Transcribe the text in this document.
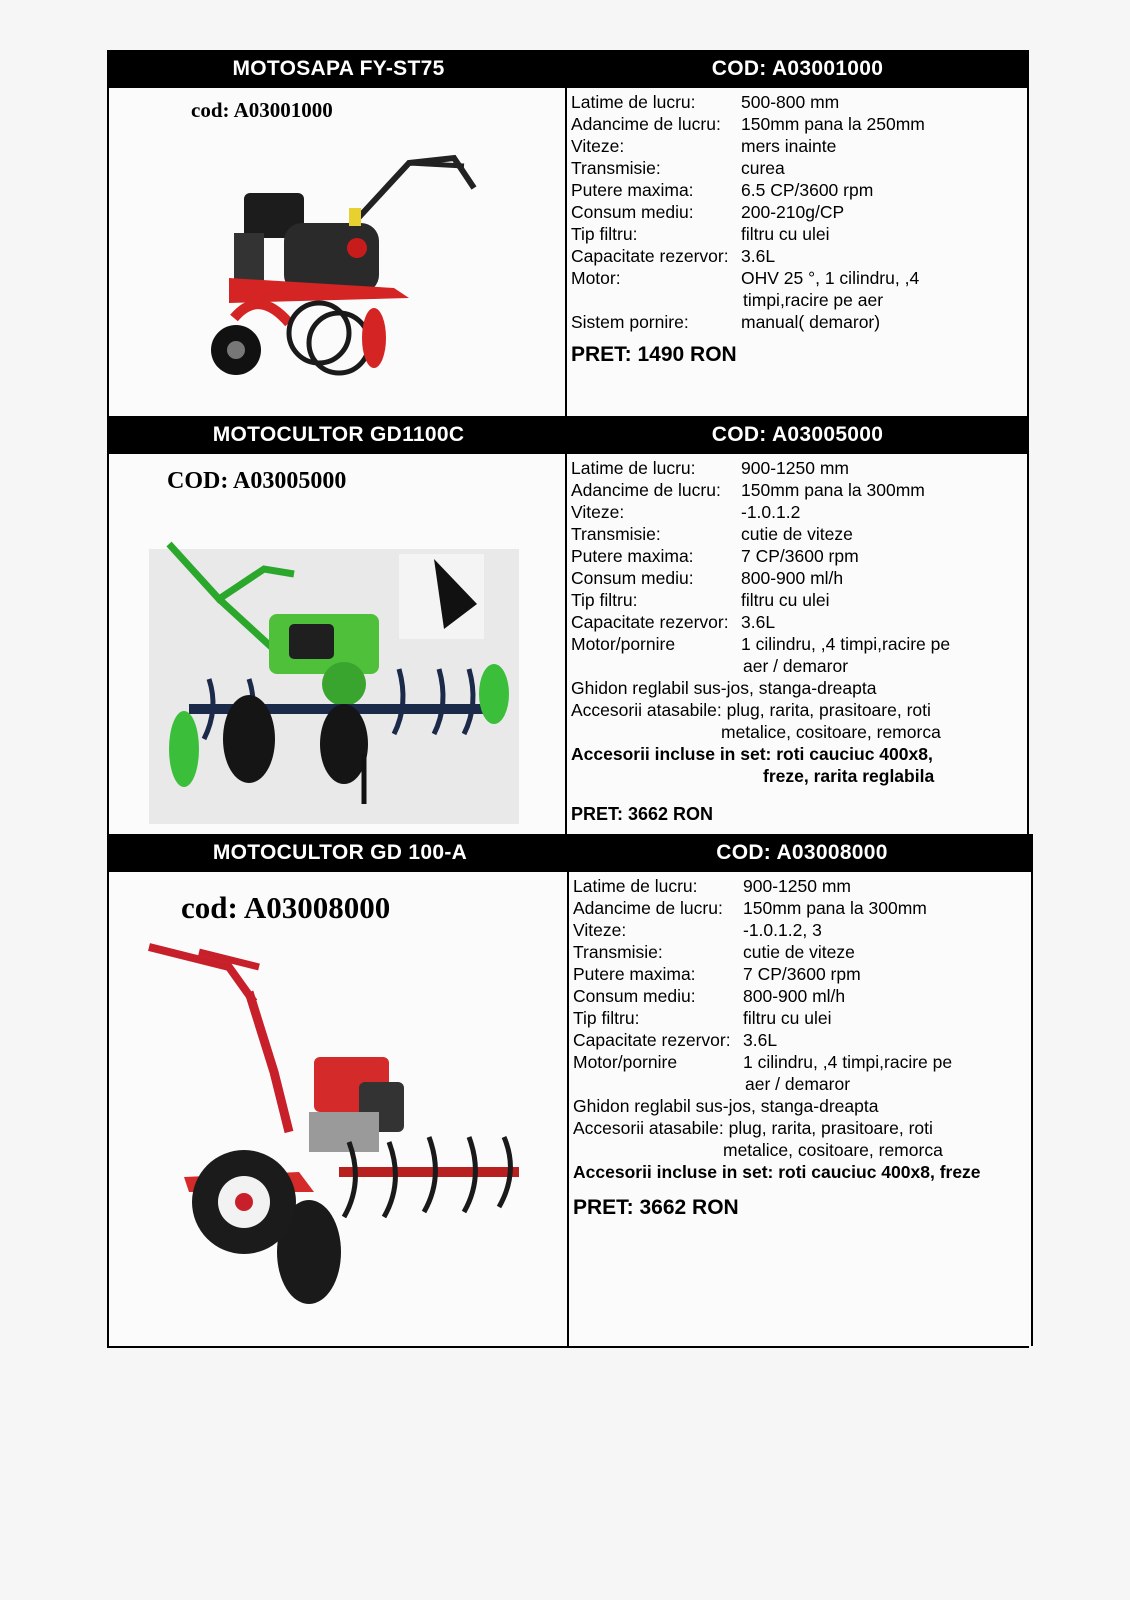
MOTOSAPA FY-ST75	COD: A03001000
cod: A03001000	Latime de lucru:	500-800 mm
Adancime de lucru:	150mm pana la 250mm
Viteze:	mers inainte
Transmisie:	curea
Putere maxima:	6.5 CP/3600 rpm
Consum mediu:	200-210g/CP
Tip filtru:	filtru cu ulei
Capacitate rezervor: 3.6L
Motor:	OHV 25 °, 1 cilindru, ,4
timpi,racire pe aer
Sistem pornire:	manual( demaror)
PRET: 1490 RON
MOTOCULTOR GD1100C	COD: A03005000
COD: A03005000	Latime de lucru:	900-1250 mm
Adancime de lucru:	150mm pana la 300mm
Viteze:	-1.0.1.2
Transmisie:	cutie de viteze
Putere maxima:	7 CP/3600 rpm
Consum mediu:	800-900 ml/h
Tip filtru:	filtru cu ulei
Capacitate rezervor: 3.6L
Motor/pornire	1 cilindru, ,4 timpi,racire pe
aer / demaror
Ghidon reglabil sus-jos, stanga-dreapta
Accesorii atasabile: plug, rarita, prasitoare, roti
metalice, cositoare, remorca
Accesorii incluse in set: roti cauciuc 400x8,
freze, rarita reglabila
PRET: 3662 RON
MOTOCULTOR GD 100-A	COD: A03008000
cod: A03008000
Latime de lucru:	900-1250 mm
Adancime de lucru:	150mm pana la 300mm
Viteze:	-1.0.1.2, 3
Transmisie:	cutie de viteze
Putere maxima:	7 CP/3600 rpm
Consum mediu:	800-900 ml/h
Tip filtru:	filtru cu ulei
Capacitate rezervor: 3.6L
Motor/pornire	1 cilindru, ,4 timpi,racire pe
aer / demaror
Ghidon reglabil sus-jos, stanga-dreapta
Accesorii atasabile: plug, rarita, prasitoare, roti
metalice, cositoare, remorca
Accesorii incluse in set: roti cauciuc 400x8, freze
PRET: 3662 RON
